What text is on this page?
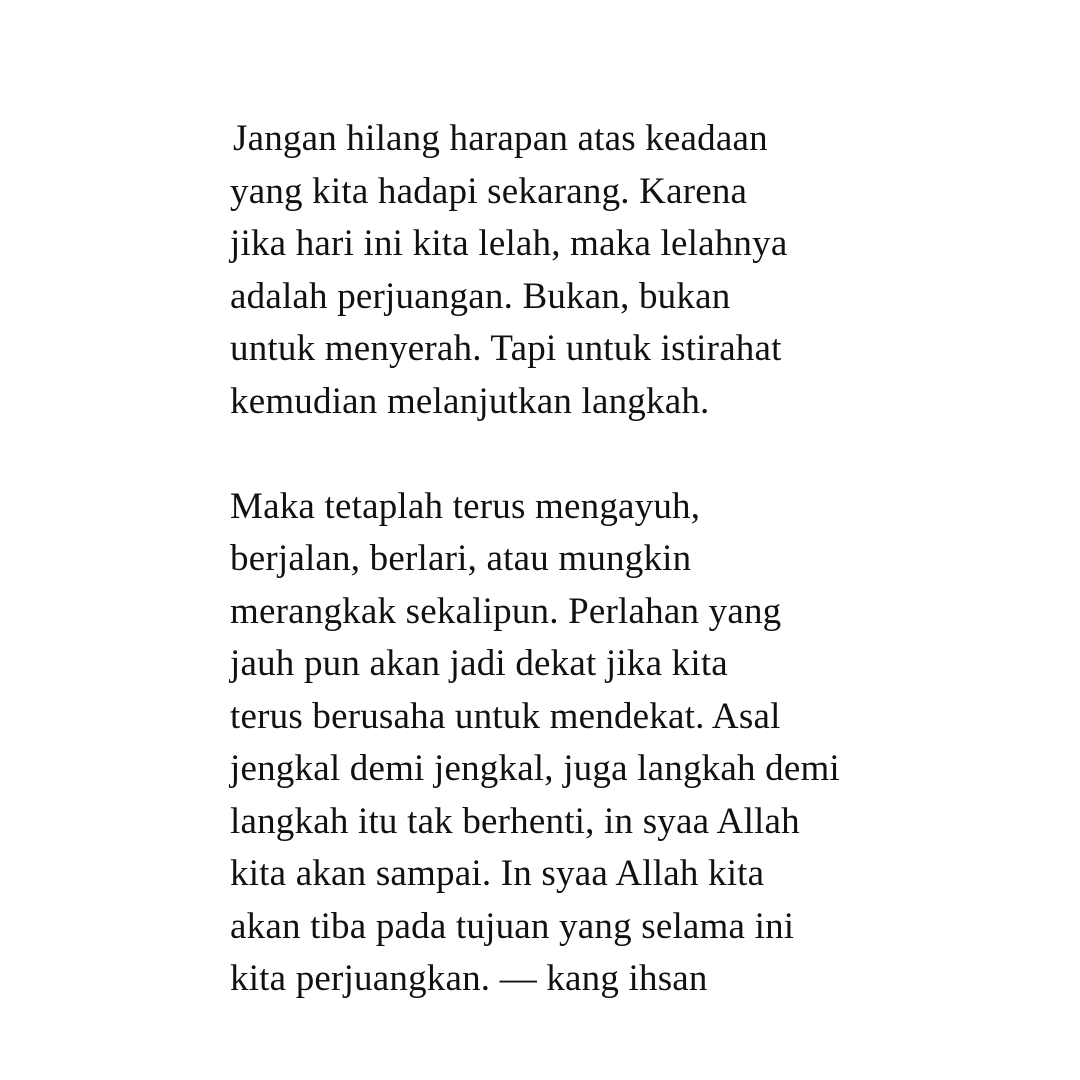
Jangan hilang harapan atas keadaan
yang kita hadapi sekarang. Karena
jika hari ini kita lelah, maka lelahnya
adalah perjuangan. Bukan, bukan
untuk menyerah. Tapi untuk istirahat
kemudian melanjutkan langkah.

Maka tetaplah terus mengayuh,
berjalan, berlari, atau mungkin
merangkak sekalipun. Perlahan yang
jauh pun akan jadi dekat jika kita
terus berusaha untuk mendekat. Asal
jengkal demi jengkal, juga langkah demi
langkah itu tak berhenti, in syaa Allah
kita akan sampai. In syaa Allah kita
akan tiba pada tujuan yang selama ini
kita perjuangkan. — kang ihsan
